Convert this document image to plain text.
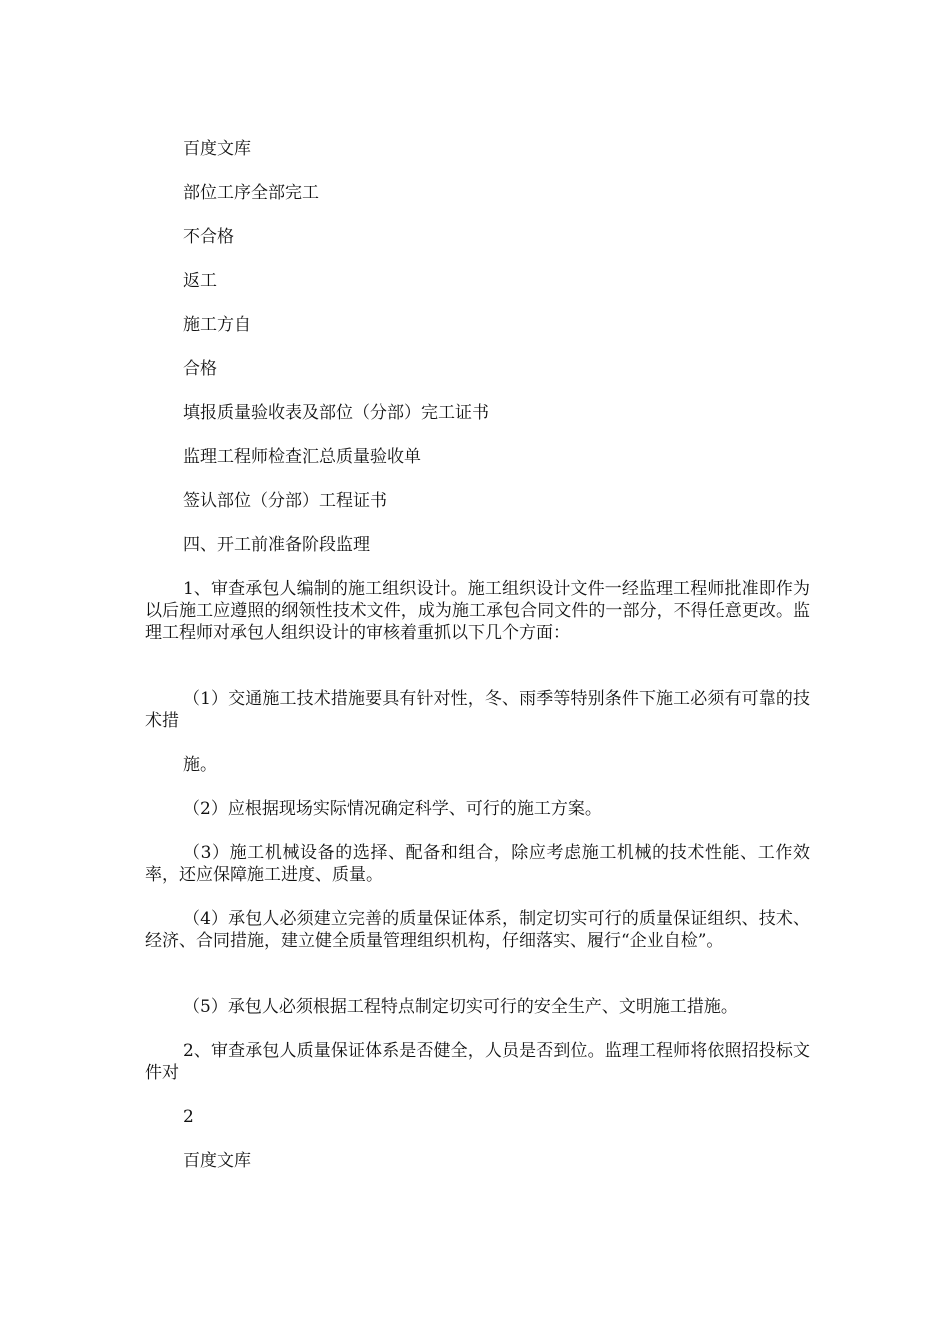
百度文库
部位工序全部完工
不合格
返工
施工方自
合格
填报质量验收表及部位（分部）完工证书
监理工程师检查汇总质量验收单
签认部位（分部）工程证书
四、开工前准备阶段监理
1、审查承包人编制的施工组织设计。施工组织设计文件一经监理工程师批准即作为以后施工应遵照的纲领性技术文件，成为施工承包合同文件的一部分，不得任意更改。监理工程师对承包人组织设计的审核着重抓以下几个方面：
（1）交通施工技术措施要具有针对性，冬、雨季等特别条件下施工必须有可靠的技术措
施。
（2）应根据现场实际情况确定科学、可行的施工方案。
（3）施工机械设备的选择、配备和组合，除应考虑施工机械的技术性能、工作效率，还应保障施工进度、质量。
（4）承包人必须建立完善的质量保证体系，制定切实可行的质量保证组织、技术、经济、合同措施，建立健全质量管理组织机构，仔细落实、履行“企业自检”。
（5）承包人必须根据工程特点制定切实可行的安全生产、文明施工措施。
2、审查承包人质量保证体系是否健全，人员是否到位。监理工程师将依照招投标文件对
2
百度文库
